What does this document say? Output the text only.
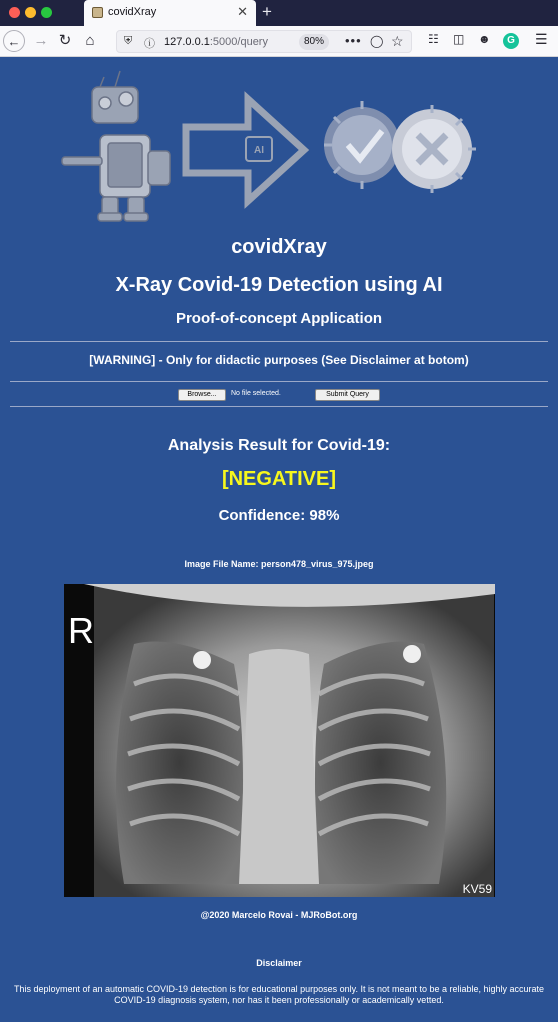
covidXray	✕ +
← → ↻ ⌂	⛨ ⓘ 127.0.0.1:5000/query	80%	••• ◯ ☆ ☷ ◫ ☻	G ☰
AI
covidXray
X-Ray Covid-19 Detection using AI
Proof-of-concept Application
[WARNING] - Only for didactic purposes (See Disclaimer at botom)
Browse...	No file selected.	Submit Query
Analysis Result for Covid-19:
[NEGATIVE]
Confidence: 98%
Image File Name: person478_virus_975.jpeg
R
KV59
@2020 Marcelo Rovai - MJRoBot.org
Disclaimer
This deployment of an automatic COVID-19 detection is for educational purposes only. It is not meant to be a reliable, highly accurate COVID-19 diagnosis system, nor has it been professionally or academically vetted.
